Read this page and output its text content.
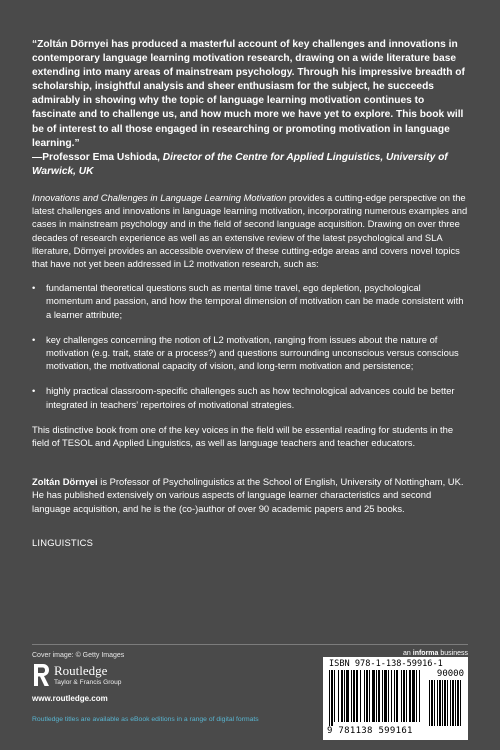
“Zoltán Dörnyei has produced a masterful account of key challenges and innovations in contemporary language learning motivation research, drawing on a wide literature base extending into many areas of mainstream psychology. Through his impressive breadth of scholarship, insightful analysis and sheer enthusiasm for the subject, he succeeds admirably in showing why the topic of language learning motivation continues to fascinate and to challenge us, and how much more we have yet to explore. This book will be of interest to all those engaged in researching or promoting motivation in language learning.”

—Professor Ema Ushioda, Director of the Centre for Applied Linguistics, University of Warwick, UK

Innovations and Challenges in Language Learning Motivation provides a cutting-edge perspective on the latest challenges and innovations in language learning motivation, incorporating numerous examples and cases in mainstream psychology and in the field of second language acquisition. Drawing on over three decades of research experience as well as an extensive review of the latest psychological and SLA literature, Dörnyei provides an accessible overview of these cutting-edge areas and covers novel topics that have not yet been addressed in L2 motivation research, such as:

• fundamental theoretical questions such as mental time travel, ego depletion, psychological momentum and passion, and how the temporal dimension of motivation can be made consistent with a learner attribute;
• key challenges concerning the notion of L2 motivation, ranging from issues about the nature of motivation (e.g. trait, state or a process?) and questions surrounding unconscious versus conscious motivation, the motivational capacity of vision, and long-term motivation and persistence;
• highly practical classroom-specific challenges such as how technological advances could be better integrated in teachers’ repertoires of motivational strategies.

This distinctive book from one of the key voices in the field will be essential reading for students in the field of TESOL and Applied Linguistics, as well as language teachers and teacher educators.

Zoltán Dörnyei is Professor of Psycholinguistics at the School of English, University of Nottingham, UK. He has published extensively on various aspects of language learner characteristics and second language acquisition, and he is the (co-)author of over 90 academic papers and 25 books.

LINGUISTICS
Cover image: © Getty Images	an informa business
Routledge
Taylor & Francis Group
www.routledge.com
Routledge titles are available as eBook editions in a range of digital formats
ISBN 978-1-138-59916-1
90000
9 781138 599161
